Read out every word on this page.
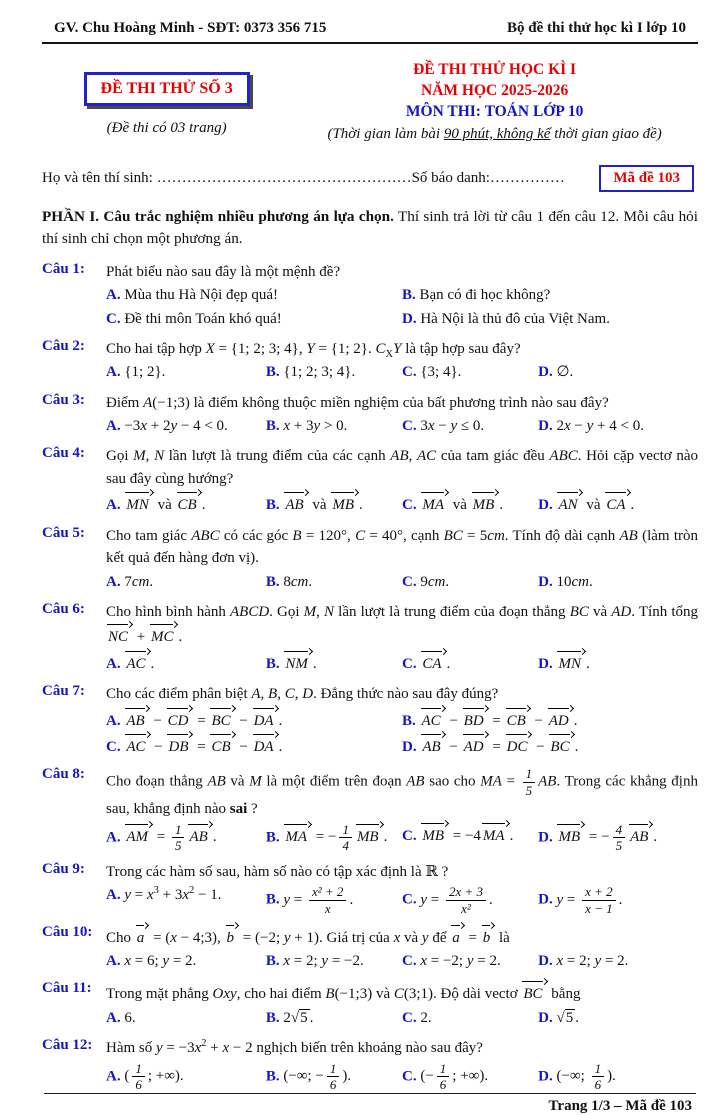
GV. Chu Hoàng Minh - SĐT: 0373 356 715	Bộ đề thi thử học kì I lớp 10
ĐỀ THI THỬ SỐ 3
(Đề thi có 03 trang)
ĐỀ THI THỬ HỌC KÌ I
NĂM HỌC 2025-2026
MÔN THI: TOÁN LỚP 10
(Thời gian làm bài 90 phút, không kể thời gian giao đề)
Họ và tên thí sinh: ……………………………………………Số báo danh:……………	Mã đề 103

PHẦN I. Câu trắc nghiệm nhiều phương án lựa chọn. Thí sinh trả lời từ câu 1 đến câu 12. Mỗi câu hỏi thí sinh chỉ chọn một phương án.

Câu 1:	Phát biểu nào sau đây là một mệnh đề?
A. Mùa thu Hà Nội đẹp quá!	B. Bạn có đi học không?
C. Đề thi môn Toán khó quá!	D. Hà Nội là thủ đô của Việt Nam.
Câu 2:	Cho hai tập hợp X = {1; 2; 3; 4}, Y = {1; 2}. $C_XY$ là tập hợp sau đây?
A. {1; 2}.	B. {1; 2; 3; 4}.	C. {3; 4}.	D. ∅.
Câu 3:	Điểm A(−1;3) là điểm không thuộc miền nghiệm của bất phương trình nào sau đây?
A. −3x + 2y − 4 < 0.	B. x + 3y > 0.	C. 3x − y ≤ 0.	D. 2x − y + 4 < 0.
Câu 4:	Gọi M, N lần lượt là trung điểm của các cạnh AB, AC của tam giác đều ABC. Hỏi cặp vectơ nào sau đây cùng hướng?
A. MN và CB .	B. AB và MB .	C. MA và MB .	D. AN và CA .
Câu 5:	Cho tam giác ABC có các góc B = 120°, C = 40°, cạnh BC = 5cm. Tính độ dài cạnh AB (làm tròn kết quả đến hàng đơn vị).
A. 7cm.	B. 8cm.	C. 9cm.	D. 10cm.
Câu 6:	Cho hình bình hành ABCD. Gọi M, N lần lượt là trung điểm của đoạn thẳng BC và AD. Tính tổng NC + MC .
A. AC .	B. NM .	C. CA .	D. MN .
Câu 7:	Cho các điểm phân biệt A, B, C, D. Đẳng thức nào sau đây đúng?
A. AB − CD = BC − DA .	B. AC − BD = CB − AD .
C. AC − DB = CB − DA .	D. AB − AD = DC − BC .
Câu 8:	Cho đoạn thẳng AB và M là một điểm trên đoạn AB sao cho MA = $\frac{1}{5}$ AB. Trong các khẳng định sau, khẳng định nào sai ?
A. AM = $\frac{1}{5}$ AB .	B. MA = − $\frac{1}{4}$ MB . C. MB = −4 MA .	D. MB = − $\frac{4}{5}$ AB .
Câu 9:	Trong các hàm số sau, hàm số nào có tập xác định là ℝ ?
A. $y = x^3 + 3x^2 - 1$.	B. $y = \frac{\text{x² + 2}}{x}$ .	C. $y = \frac{2x + 3}{\text{x²}}$ .	D. $y = \frac{x + 2}{x - 1}$ .
Câu 10: Cho a = (x − 4;3), b = (−2; y + 1). Giá trị của x và y để a = b là
A. x = 6; y = 2.	B. x = 2; y = −2.	C. x = −2; y = 2.	D. x = 2; y = 2.
Câu 11: Trong mặt phẳng Oxy, cho hai điểm B(−1;3) và C(3;1). Độ dài vectơ BC bằng
A. 6.	B. 2√5 .	C. 2.	D. √5 .
Câu 12: Hàm số $y = -3x^2 + x - 2$ nghịch biến trên khoảng nào sau đây?
A. ( $\frac{1}{6}$ ; +∞).	B. (−∞; − $\frac{1}{6}$ ).	C. (− $\frac{1}{6}$ ; +∞).	D. (−∞; $\frac{1}{6}$ ).
Trang 1/3 – Mã đề 103
